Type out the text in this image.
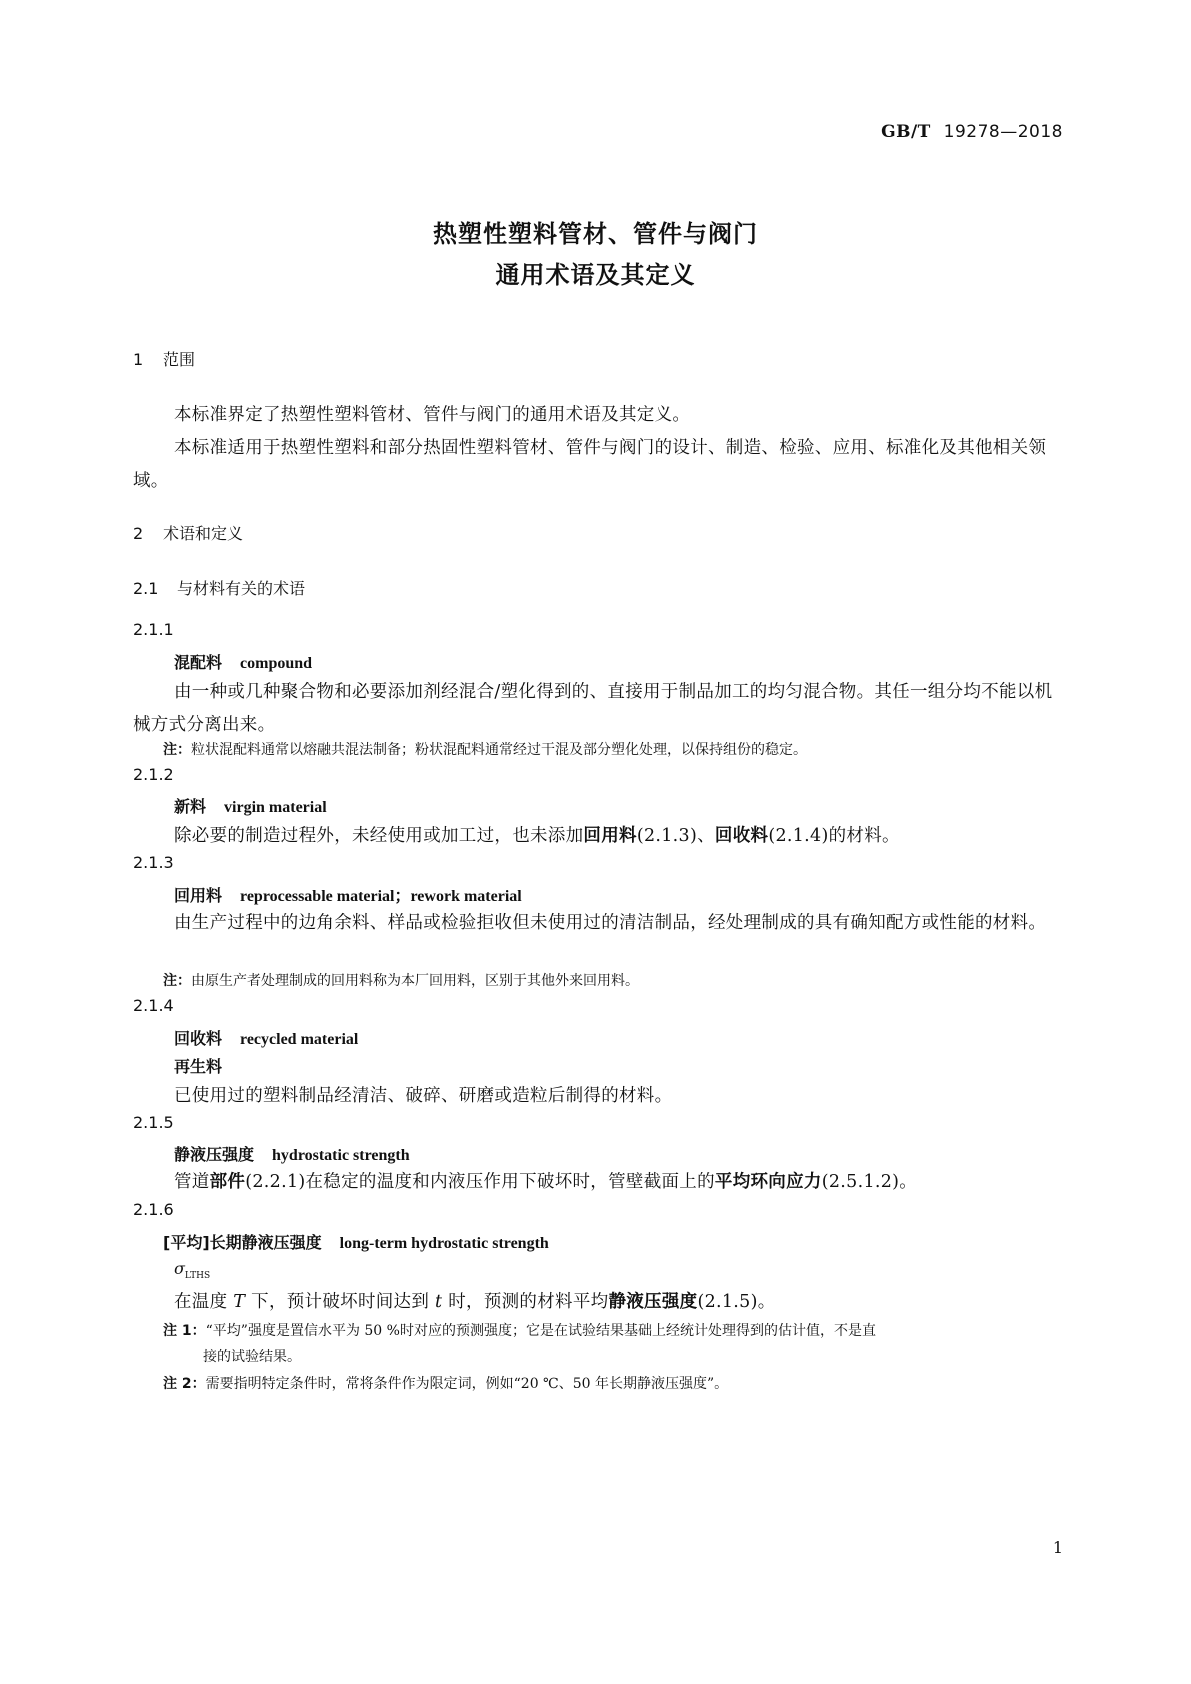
GB/T 19278—2018
热塑性塑料管材、管件与阀门
通用术语及其定义
1 范围
本标准界定了热塑性塑料管材、管件与阀门的通用术语及其定义。
本标准适用于热塑性塑料和部分热固性塑料管材、管件与阀门的设计、制造、检验、应用、标准化及其他相关领域。
2 术语和定义
2.1 与材料有关的术语
2.1.1
混配料 compound
由一种或几种聚合物和必要添加剂经混合/塑化得到的、直接用于制品加工的均匀混合物。其任一组分均不能以机械方式分离出来。
注：粒状混配料通常以熔融共混法制备；粉状混配料通常经过干混及部分塑化处理，以保持组份的稳定。
2.1.2
新料 virgin material
除必要的制造过程外，未经使用或加工过，也未添加回用料(2.1.3)、回收料(2.1.4)的材料。
2.1.3
回用料 reprocessable material；rework material
由生产过程中的边角余料、样品或检验拒收但未使用过的清洁制品，经处理制成的具有确知配方或性能的材料。
注：由原生产者处理制成的回用料称为本厂回用料，区别于其他外来回用料。
2.1.4
回收料 recycled material
再生料
已使用过的塑料制品经清洁、破碎、研磨或造粒后制得的材料。
2.1.5
静液压强度 hydrostatic strength
管道部件(2.2.1)在稳定的温度和内液压作用下破坏时，管壁截面上的平均环向应力(2.5.1.2)。
2.1.6
[平均]长期静液压强度 long-term hydrostatic strength
$\sigma_{LTHS}$
在温度 T 下，预计破坏时间达到 t 时，预测的材料平均静液压强度(2.1.5)。
注 1：“平均”强度是置信水平为 50 %时对应的预测强度；它是在试验结果基础上经统计处理得到的估计值，不是直
接的试验结果。
注 2：需要指明特定条件时，常将条件作为限定词，例如“20 ℃、50 年长期静液压强度”。
1
